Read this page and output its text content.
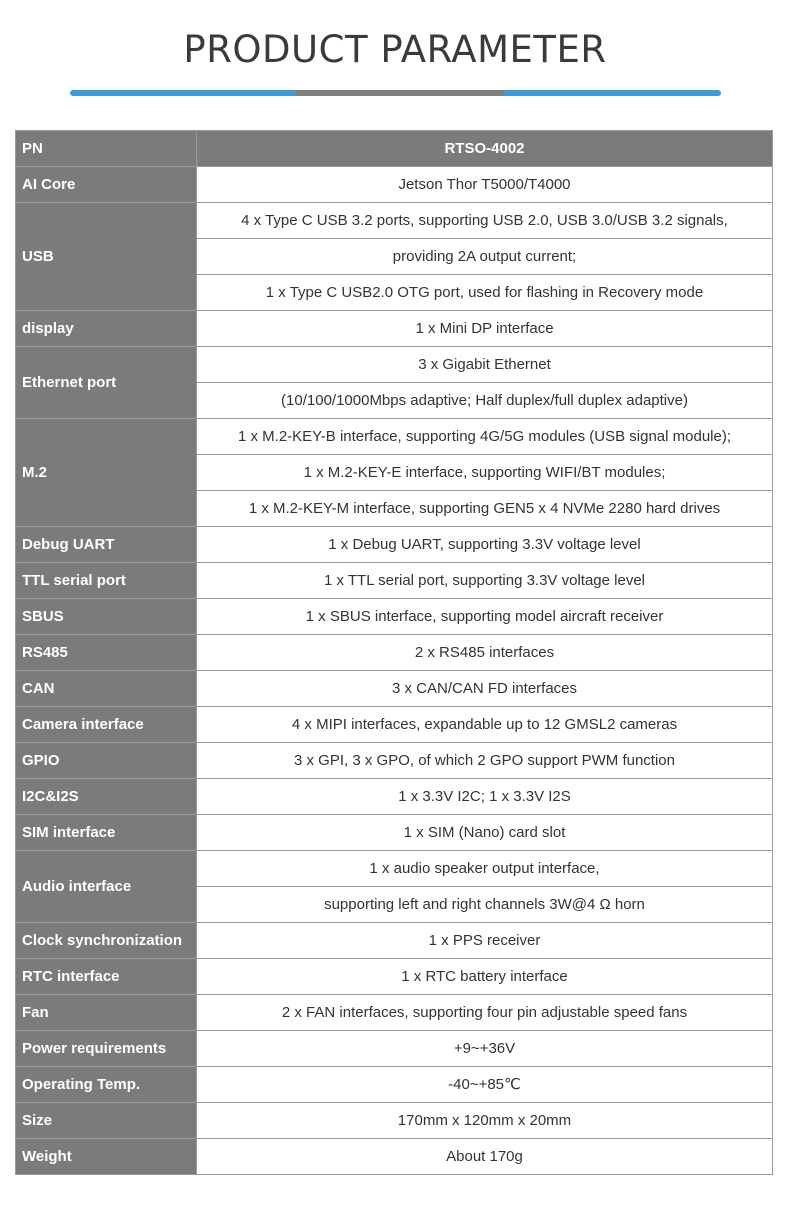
PRODUCT PARAMETER
PN	RTSO-4002
AI Core	Jetson Thor T5000/T4000
USB	4 x Type C USB 3.2 ports, supporting USB 2.0, USB 3.0/USB 3.2 signals,
	providing 2A output current;
	1 x Type C USB2.0 OTG port, used for flashing in Recovery mode
display	1 x Mini DP interface
Ethernet port	3 x Gigabit Ethernet
	(10/100/1000Mbps adaptive; Half duplex/full duplex adaptive)
M.2	1 x M.2-KEY-B interface, supporting 4G/5G modules (USB signal module);
	1 x M.2-KEY-E interface, supporting WIFI/BT modules;
	1 x M.2-KEY-M interface, supporting GEN5 x 4 NVMe 2280 hard drives
Debug UART	1 x Debug UART, supporting 3.3V voltage level
TTL serial port	1 x TTL serial port, supporting 3.3V voltage level
SBUS	1 x SBUS interface, supporting model aircraft receiver
RS485	2 x RS485 interfaces
CAN	3 x CAN/CAN FD interfaces
Camera interface	4 x MIPI interfaces, expandable up to 12 GMSL2 cameras
GPIO	3 x GPI, 3 x GPO, of which 2 GPO support PWM function
I2C&I2S	1 x 3.3V I2C; 1 x 3.3V I2S
SIM interface	1 x SIM (Nano) card slot
Audio interface	1 x audio speaker output interface,
	supporting left and right channels 3W@4 Ω horn
Clock synchronization	1 x PPS receiver
RTC interface	1 x RTC battery interface
Fan	2 x FAN interfaces, supporting four pin adjustable speed fans
Power requirements	+9~+36V
Operating Temp.	-40~+85℃
Size	170mm x 120mm x 20mm
Weight	About 170g
